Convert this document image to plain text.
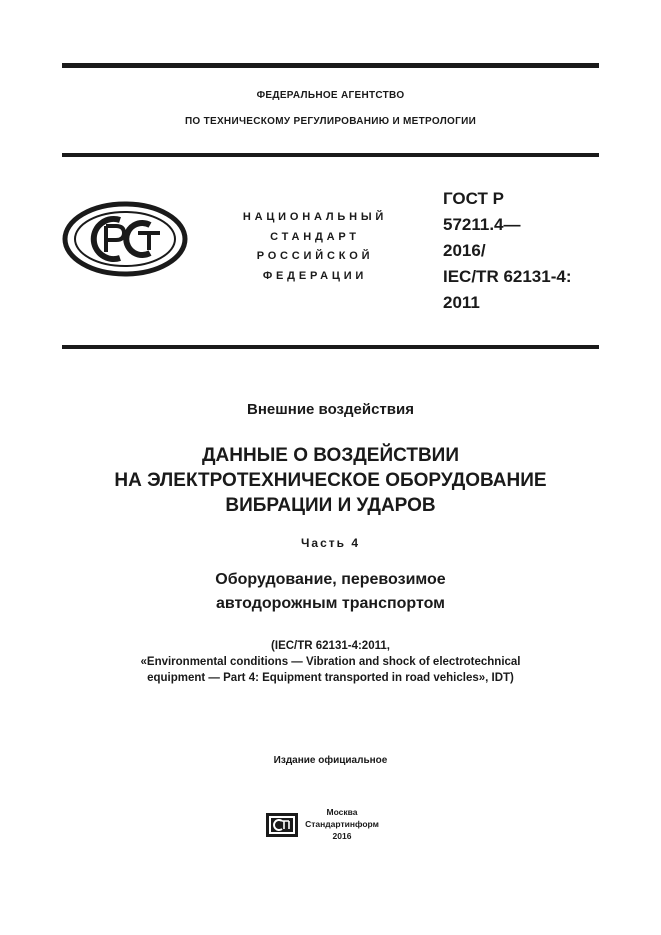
ФЕДЕРАЛЬНОЕ АГЕНТСТВО
ПО ТЕХНИЧЕСКОМУ РЕГУЛИРОВАНИЮ И МЕТРОЛОГИИ
НАЦИОНАЛЬНЫЙ
СТАНДАРТ
РОССИЙСКОЙ
ФЕДЕРАЦИИ
ГОСТ Р
57211.4—
2016/
IEC/TR 62131-4:
2011
Внешние воздействия
ДАННЫЕ О ВОЗДЕЙСТВИИ
НА ЭЛЕКТРОТЕХНИЧЕСКОЕ ОБОРУДОВАНИЕ
ВИБРАЦИИ И УДАРОВ
Часть 4
Оборудование, перевозимое
автодорожным транспортом
(IEC/TR 62131-4:2011,
«Environmental conditions — Vibration and shock of electrotechnical
equipment — Part 4: Equipment transported in road vehicles», IDT)
Издание официальное
Москва
Стандартинформ
2016
